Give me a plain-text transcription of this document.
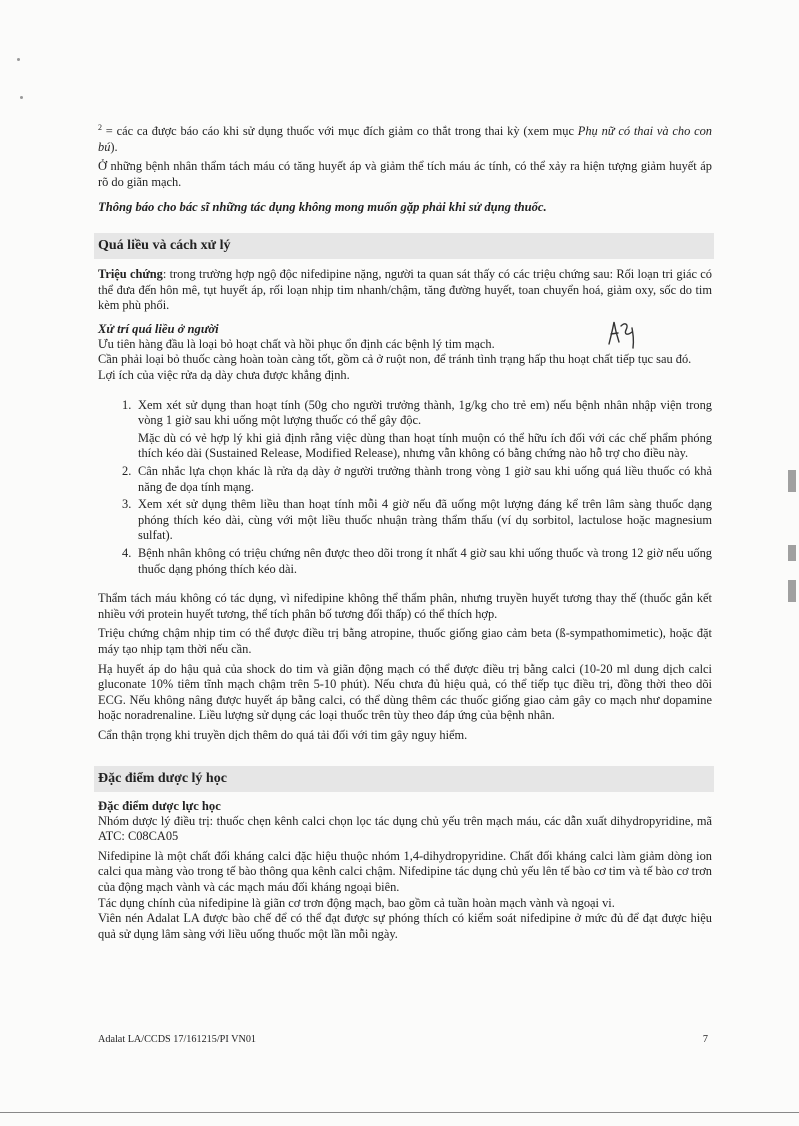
$^2$ = các ca được báo cáo khi sử dụng thuốc với mục đích giảm co thắt trong thai kỳ (xem mục Phụ nữ có thai và cho con bú).

Ở những bệnh nhân thẩm tách máu có tăng huyết áp và giảm thể tích máu ác tính, có thể xảy ra hiện tượng giảm huyết áp rõ do giãn mạch.

Thông báo cho bác sĩ những tác dụng không mong muốn gặp phải khi sử dụng thuốc.

Quá liều và cách xử lý

Triệu chứng: trong trường hợp ngộ độc nifedipine nặng, người ta quan sát thấy có các triệu chứng sau: Rối loạn tri giác có thể đưa đến hôn mê, tụt huyết áp, rối loạn nhịp tim nhanh/chậm, tăng đường huyết, toan chuyển hoá, giảm oxy, sốc do tim kèm phù phổi.

Xử trí quá liều ở người

Ưu tiên hàng đầu là loại bỏ hoạt chất và hồi phục ổn định các bệnh lý tim mạch.

Cần phải loại bỏ thuốc càng hoàn toàn càng tốt, gồm cả ở ruột non, để tránh tình trạng hấp thu hoạt chất tiếp tục sau đó.

Lợi ích của việc rửa dạ dày chưa được khẳng định.

1. Xem xét sử dụng than hoạt tính (50g cho người trưởng thành, 1g/kg cho trẻ em) nếu bệnh nhân nhập viện trong vòng 1 giờ sau khi uống một lượng thuốc có thể gây độc.

Mặc dù có vẻ hợp lý khi giả định rằng việc dùng than hoạt tính muộn có thể hữu ích đối với các chế phẩm phóng thích kéo dài (Sustained Release, Modified Release), nhưng vẫn không có bằng chứng nào hỗ trợ cho điều này.

2. Cân nhắc lựa chọn khác là rửa dạ dày ở người trưởng thành trong vòng 1 giờ sau khi uống quá liều thuốc có khả năng đe dọa tính mạng.

3. Xem xét sử dụng thêm liều than hoạt tính mỗi 4 giờ nếu đã uống một lượng đáng kể trên lâm sàng thuốc dạng phóng thích kéo dài, cùng với một liều thuốc nhuận tràng thẩm thấu (ví dụ sorbitol, lactulose hoặc magnesium sulfat).

4. Bệnh nhân không có triệu chứng nên được theo dõi trong ít nhất 4 giờ sau khi uống thuốc và trong 12 giờ nếu uống thuốc dạng phóng thích kéo dài.

Thẩm tách máu không có tác dụng, vì nifedipine không thể thẩm phân, nhưng truyền huyết tương thay thế (thuốc gắn kết nhiều với protein huyết tương, thể tích phân bố tương đối thấp) có thể thích hợp.

Triệu chứng chậm nhịp tim có thể được điều trị bằng atropine, thuốc giống giao cảm beta (ß-sympathomimetic), hoặc đặt máy tạo nhịp tạm thời nếu cần.

Hạ huyết áp do hậu quả của shock do tim và giãn động mạch có thể được điều trị bằng calci (10-20 ml dung dịch calci gluconate 10% tiêm tĩnh mạch chậm trên 5-10 phút). Nếu chưa đủ hiệu quả, có thể tiếp tục điều trị, đồng thời theo dõi ECG. Nếu không nâng được huyết áp bằng calci, có thể dùng thêm các thuốc giống giao cảm gây co mạch như dopamine hoặc noradrenaline. Liều lượng sử dụng các loại thuốc trên tùy theo đáp ứng của bệnh nhân.

Cẩn thận trọng khi truyền dịch thêm do quá tải đối với tim gây nguy hiểm.

Đặc điểm dược lý học

Đặc điểm dược lực học

Nhóm dược lý điều trị: thuốc chẹn kênh calci chọn lọc tác dụng chủ yếu trên mạch máu, các dẫn xuất dihydropyridine, mã ATC: C08CA05

Nifedipine là một chất đối kháng calci đặc hiệu thuộc nhóm 1,4-dihydropyridine. Chất đối kháng calci làm giảm dòng ion calci qua màng vào trong tế bào thông qua kênh calci chậm. Nifedipine tác dụng chủ yếu lên tế bào cơ tim và tế bào cơ trơn của động mạch vành và các mạch máu đối kháng ngoại biên.

Tác dụng chính của nifedipine là giãn cơ trơn động mạch, bao gồm cả tuần hoàn mạch vành và ngoại vi.

Viên nén Adalat LA được bào chế để có thể đạt được sự phóng thích có kiểm soát nifedipine ở mức đủ để đạt được hiệu quả sử dụng lâm sàng với liều uống thuốc một lần mỗi ngày.

Adalat LA/CCDS 17/161215/PI VN01	7
